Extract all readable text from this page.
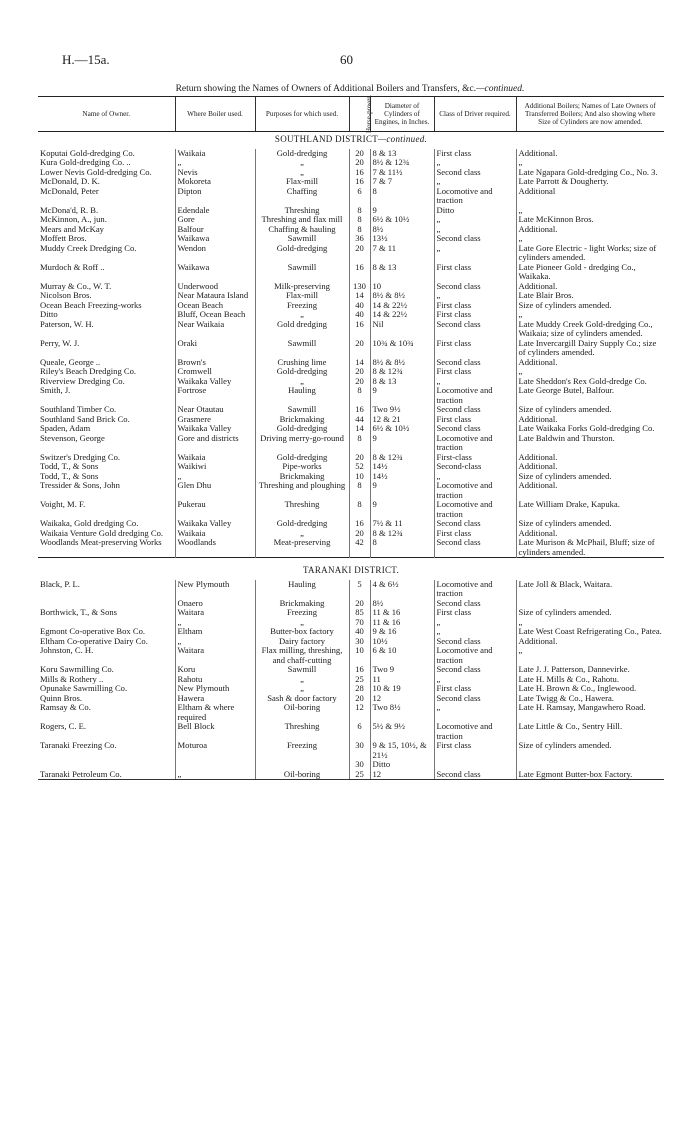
H.—15a.	60
Return showing the Names of Owners of Additional Boilers and Transfers, &c.—continued.
Name of Owner.	Where Boiler used.	Purposes for which used.	Horse-power.	Diameter of Cylinders of Engines, in Inches.	Class of Driver required.	Additional Boilers; Names of Late Owners of Transferred Boilers; And also showing where Size of Cylinders are now amended.
SOUTHLAND DISTRICT—continued.						
Koputai Gold-dredging Co.	Waikaia	Gold-dredging	20	8 & 13	First class	Additional.
Kura Gold-dredging Co. ..	„	„	20	8½ & 12¾	„	„
Lower Nevis Gold-dredging Co.	Nevis	„	16	7 & 11½	Second class	Late Ngapara Gold-dredging Co., No. 3.
McDonald, D. K.	Mokoreta	Flax-mill	16	7 & 7	„	Late Parrott & Dougherty.
McDonald, Peter	Dipton	Chaffing	6	8	Locomotive and traction	Additional
McDona'd, R. B.	Edendale	Threshing	8	9	Ditto	„
McKinnon, A., jun.	Gore	Threshing and flax mill	8	6½ & 10½	„	Late McKinnon Bros.
Mears and McKay	Balfour	Chaffing & hauling	8	8½	„	Additional.
Moffett Bros.	Waikawa	Sawmill	36	13½	Second class	„
Muddy Creek Dredging Co.	Wendon	Gold-dredging	20	7 & 11	„	Late Gore Electric - light Works; size of cylinders amended.
Murdoch & Roff ..	Waikawa	Sawmill	16	8 & 13	First class	Late Pioneer Gold - dredging Co., Waikaka.
Murray & Co., W. T.	Underwood	Milk-preserving	130	10	Second class	Additional.
Nicolson Bros.	Near Mataura Island	Flax-mill	14	8½ & 8½	„	Late Blair Bros.
Ocean Beach Freezing-works	Ocean Beach	Freezing	40	14 & 22½	First class	Size of cylinders amended.
Ditto	Bluff, Ocean Beach	„	40	14 & 22½	First class	„
Paterson, W. H.	Near Waikaia	Gold dredging	16	Nil	Second class	Late Muddy Creek Gold-dredging Co., Waikaia; size of cylinders amended.
Perry, W. J.	Oraki	Sawmill	20	10¾ & 10¾	First class	Late Invercargill Dairy Supply Co.; size of cylinders amended.
Queale, George ..	Brown's	Crushing lime	14	8½ & 8½	Second class	Additional.
Riley's Beach Dredging Co.	Cromwell	Gold-dredging	20	8 & 12¾	First class	„
Riverview Dredging Co.	Waikaka Valley	„	20	8 & 13	„	Late Sheddon's Rex Gold-dredge Co.
Smith, J.	Fortrose	Hauling	8	9	Locomotive and traction	Late George Butel, Balfour.
Southland Timber Co.	Near Otautau	Sawmill	16	Two 9½	Second class	Size of cylinders amended.
Southland Sand Brick Co.	Grasmere	Brickmaking	44	12 & 21	First class	Additional.
Spaden, Adam	Waikaka Valley	Gold-dredging	14	6½ & 10½	Second class	Late Waikaka Forks Gold-dredging Co.
Stevenson, George	Gore and districts	Driving merry-go-round	8	9	Locomotive and traction	Late Baldwin and Thurston.
Switzer's Dredging Co.	Waikaia	Gold-dredging	20	8 & 12¾	First-class	Additional.
Todd, T., & Sons	Waikiwi	Pipe-works	52	14½	Second-class	Additional.
Todd, T., & Sons	„	Brickmaking	10	14½	„	Size of cylinders amended.
Tressider & Sons, John	Glen Dhu	Threshing and ploughing	8	9	Locomotive and traction	Additional.
Voight, M. F.	Pukerau	Threshing	8	9	Locomotive and traction	Late William Drake, Kapuka.
Waikaka, Gold dredging Co.	Waikaka Valley	Gold-dredging	16	7½ & 11	Second class	Size of cylinders amended.
Waikaia Venture Gold dredging Co.	Waikaia	„	20	8 & 12¾	First class	Additional.
Woodlands Meat-preserving Works	Woodlands	Meat-preserving	42	8	Second class	Late Murison & McPhail, Bluff; size of cylinders amended.

TARANAKI DISTRICT.						
Black, P. L.	New Plymouth	Hauling	5	4 & 6½	Locomotive and traction	Late Joll & Black, Waitara.
	Onaero	Brickmaking	20	8½	Second class	
Borthwick, T., & Sons	Waitara	Freezing	85	11 & 16	First class	Size of cylinders amended.
	„	„	70	11 & 16	„	„
Egmont Co-operative Box Co.	Eltham	Butter-box factory	40	9 & 16	„	Late West Coast Refrigerating Co., Patea.
Eltham Co-operative Dairy Co.	„	Dairy factory	30	10½	Second class	Additional.
Johnston, C. H.	Waitara	Flax milling, threshing, and chaff-cutting	10	6 & 10	Locomotive and traction	„
Koru Sawmilling Co.	Koru	Sawmill	16	Two 9	Second class	Late J. J. Patterson, Dannevirke.
Mills & Rothery ..	Rahotu	„	25	11	„	Late H. Mills & Co., Rahotu.
Opunake Sawmilling Co.	New Plymouth	„	28	10 & 19	First class	Late H. Brown & Co., Inglewood.
Quinn Bros.	Hawera	Sash & door factory	20	12	Second class	Late Twigg & Co., Hawera.
Ramsay & Co.	Eltham & where required	Oil-boring	12	Two 8½	„	Late H. Ramsay, Mangawhero Road.
Rogers, C. E.	Bell Block	Threshing	6	5½ & 9½	Locomotive and traction	Late Little & Co., Sentry Hill.
Taranaki Freezing Co.	Moturoa	Freezing	30	9 & 15, 10½, & 21½	First class	Size of cylinders amended.
			30	Ditto		
Taranaki Petroleum Co.	„	Oil-boring	25	12	Second class	Late Egmont Butter-box Factory.
